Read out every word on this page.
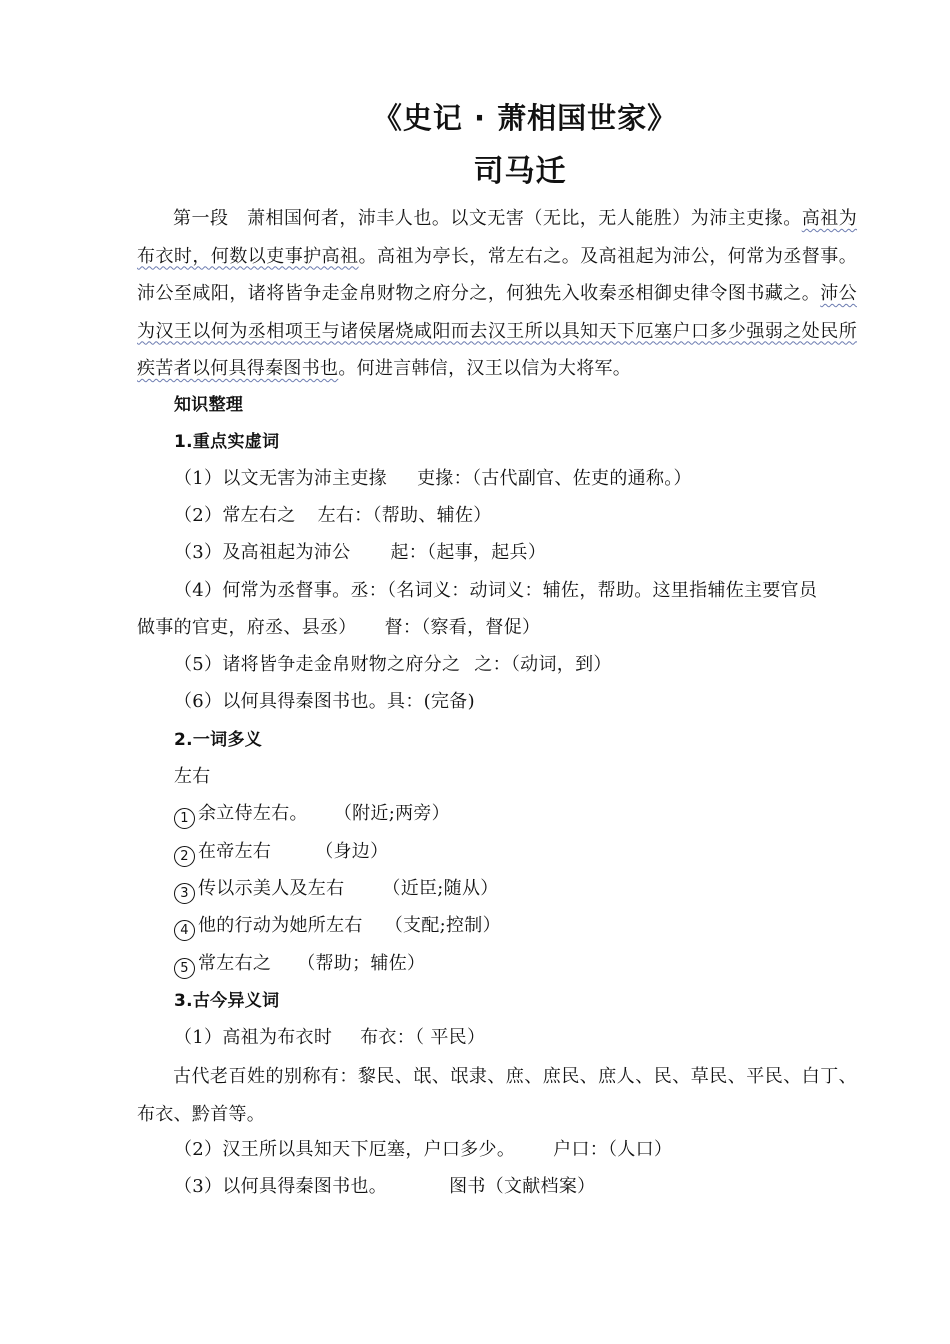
《史记 · 萧相国世家》
司马迁
第一段　萧相国何者，沛丰人也。以文无害（无比，无人能胜）为沛主吏掾。高祖为布衣时，何数以吏事护高祖。高祖为亭长，常左右之。及高祖起为沛公，何常为丞督事。沛公至咸阳，诸将皆争走金帛财物之府分之，何独先入收秦丞相御史律令图书藏之。沛公为汉王以何为丞相项王与诸侯屠烧咸阳而去汉王所以具知天下厄塞户口多少强弱之处民所疾苦者以何具得秦图书也。何进言韩信，汉王以信为大将军。
知识整理
1.重点实虚词
（1）以文无害为沛主吏掾 吏掾：（古代副官、佐吏的通称。）
（2）常左右之 左右：（帮助、辅佐）
（3）及高祖起为沛公 起：（起事，起兵）
（4）何常为丞督事。丞：（名词义：动词义：辅佐，帮助。这里指辅佐主要官员
做事的官吏，府丞、县丞） 督：（察看，督促）
（5）诸将皆争走金帛财物之府分之 之：（动词，到）
（6）以何具得秦图书也。具：(完备)
2.一词多义
左右
1 余立侍左右。 （附近;两旁）
2 在帝左右 （身边）
3 传以示美人及左右 （近臣;随从）
4 他的行动为她所左右 （支配;控制）
5 常左右之 （帮助；辅佐）
3.古今异义词
（1）高祖为布衣时 布衣：（ 平民）
古代老百姓的别称有：黎民、氓、氓隶、庶、庶民、庶人、民、草民、平民、白丁、布衣、黔首等。
（2）汉王所以具知天下厄塞，户口多少。 户口：（人口）
（3）以何具得秦图书也。	图书（文献档案）
